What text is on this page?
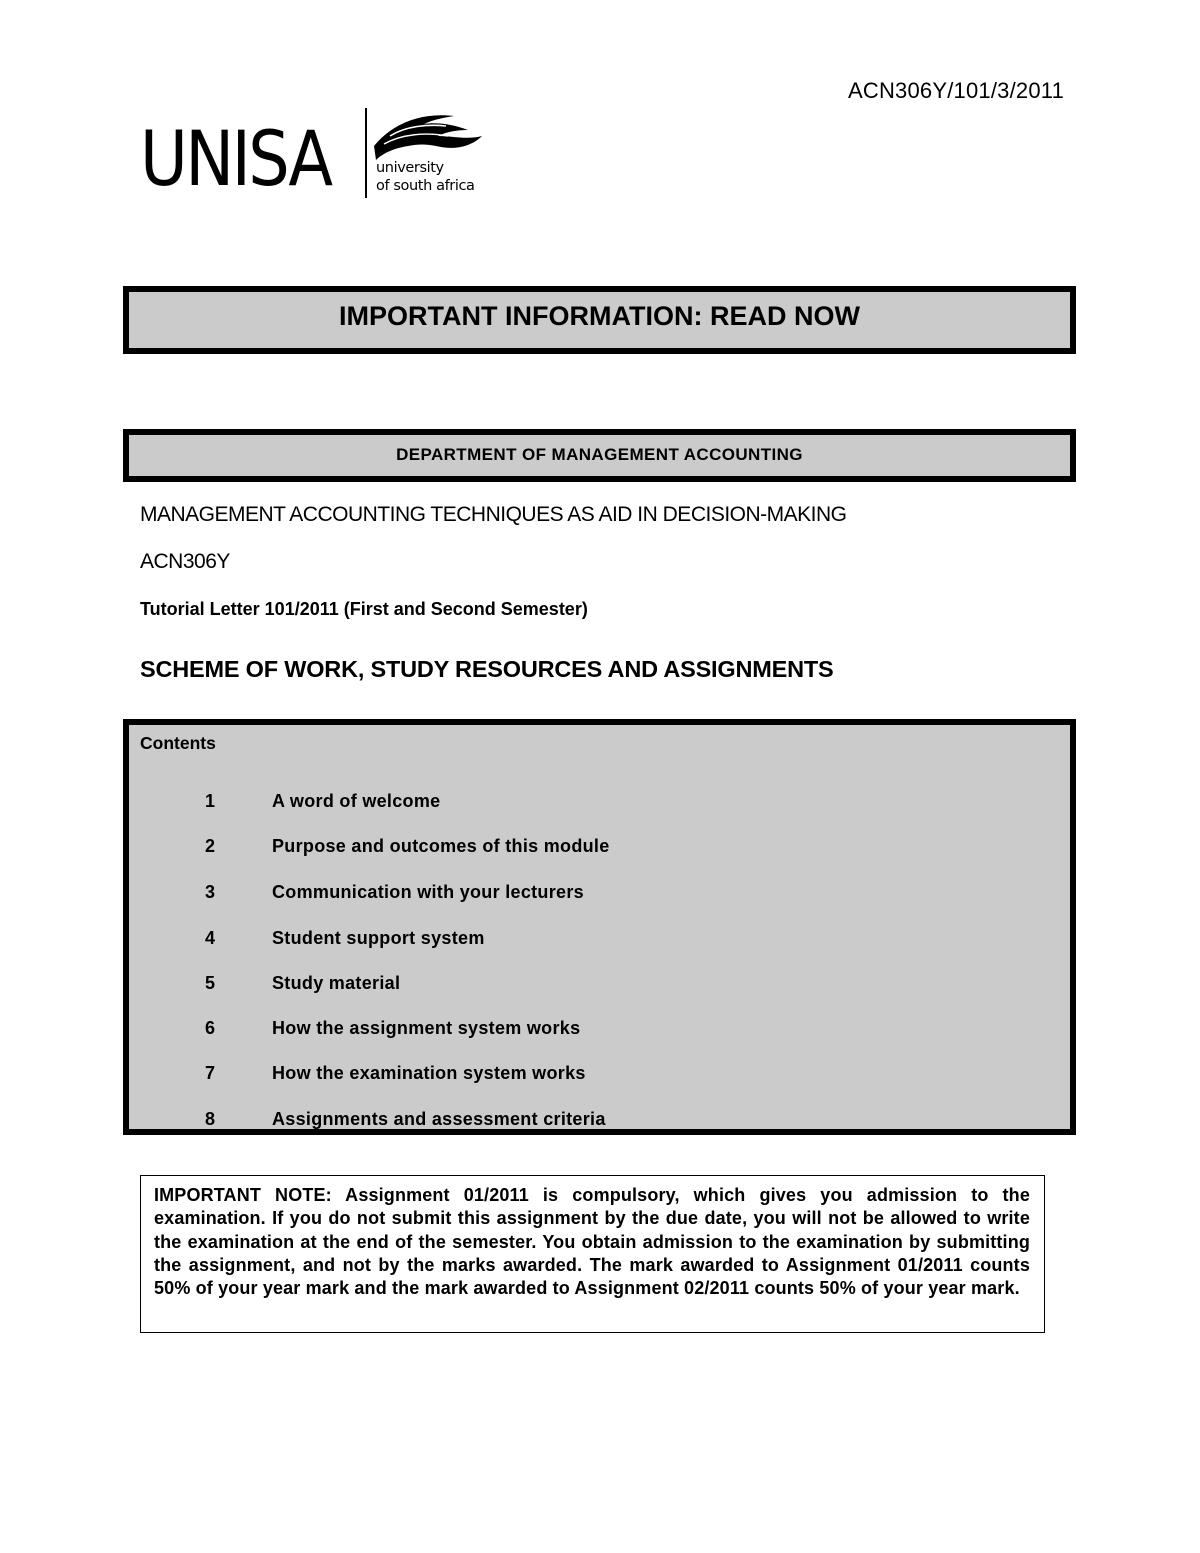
ACN306Y/101/3/2011
UNISA	university
of south africa
IMPORTANT INFORMATION: READ NOW
DEPARTMENT OF MANAGEMENT ACCOUNTING
MANAGEMENT ACCOUNTING TECHNIQUES AS AID IN DECISION-MAKING
ACN306Y
Tutorial Letter 101/2011 (First and Second Semester)
SCHEME OF WORK, STUDY RESOURCES AND ASSIGNMENTS
Contents
1	A word of welcome
2	Purpose and outcomes of this module
3	Communication with your lecturers
4	Student support system
5	Study material
6	How the assignment system works
7	How the examination system works
8	Assignments and assessment criteria

IMPORTANT NOTE: Assignment 01/2011 is compulsory, which gives you admission to the examination. If you do not submit this assignment by the due date, you will not be allowed to write the examination at the end of the semester. You obtain admission to the examination by submitting the assignment, and not by the marks awarded. The mark awarded to Assignment 01/2011 counts 50% of your year mark and the mark awarded to Assignment 02/2011 counts 50% of your year mark.
